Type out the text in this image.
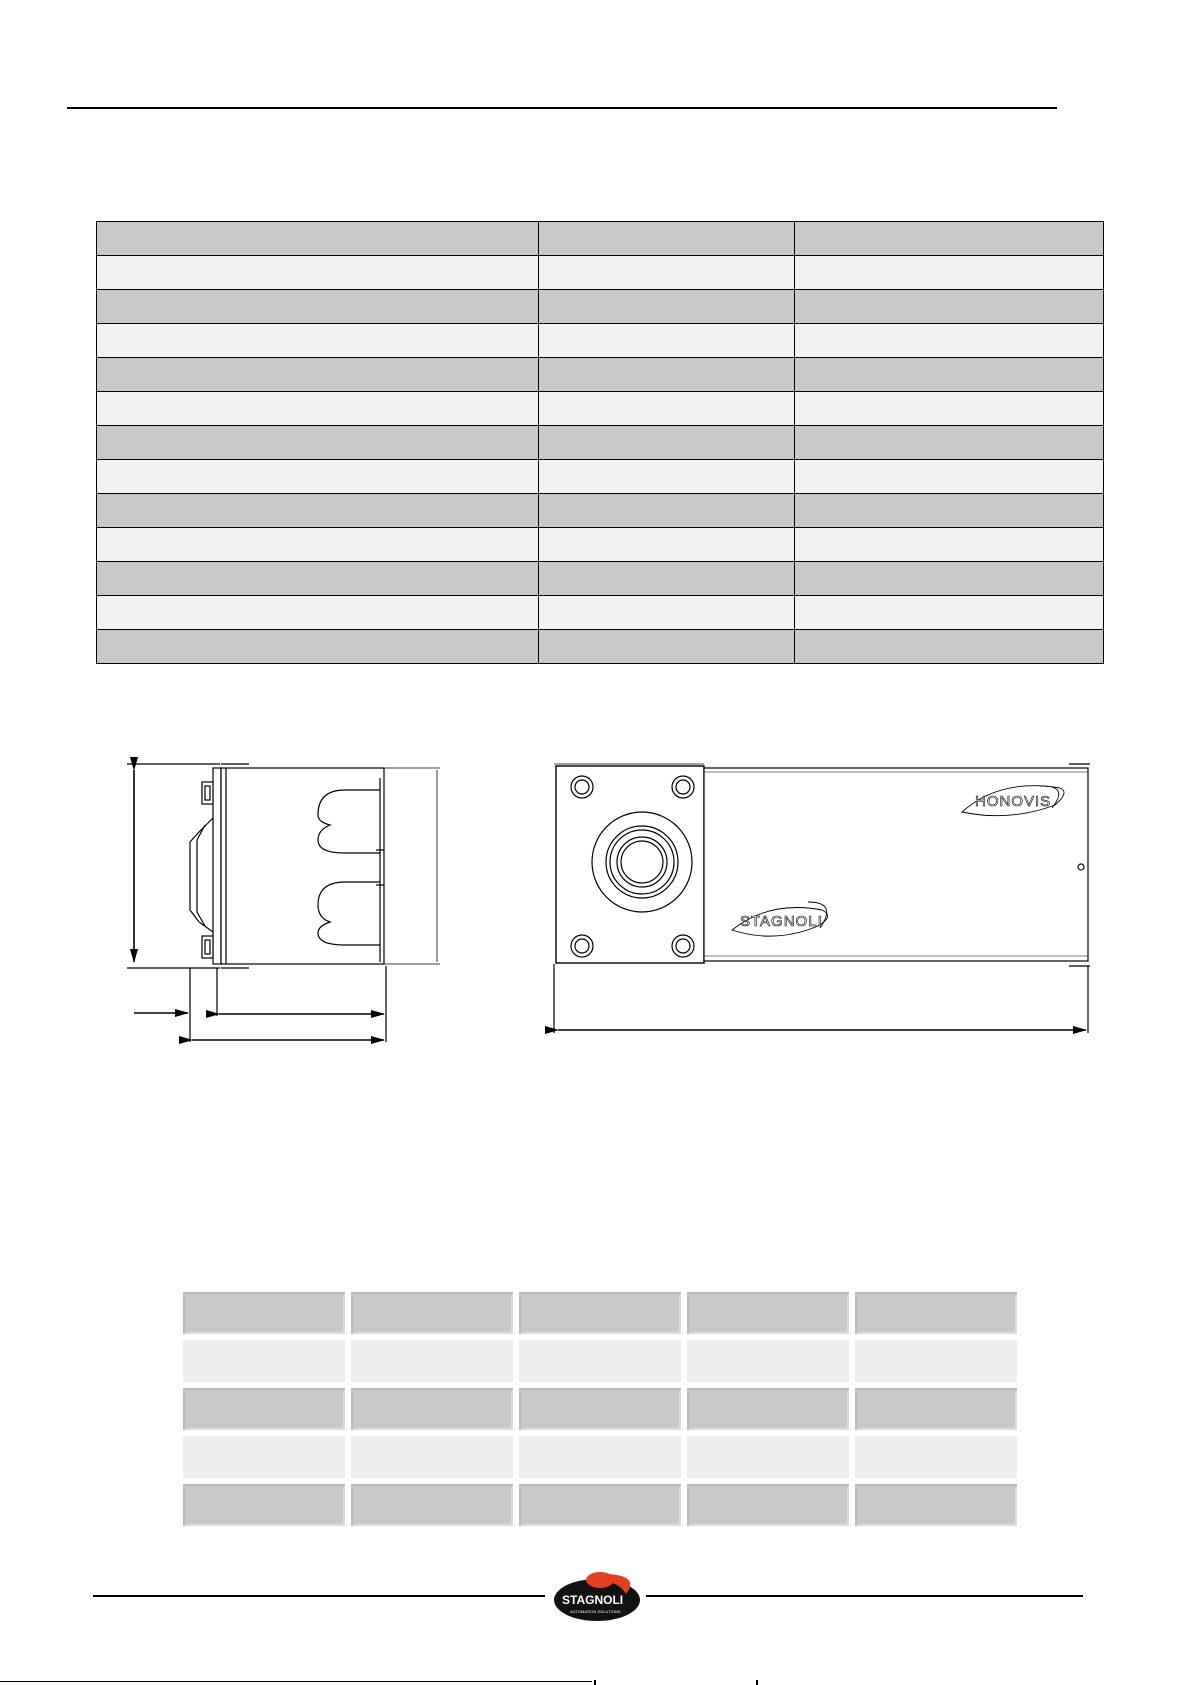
HONOVIS
STAGNOLI

STAGNOLI
AUTOMATION SOLUTIONS
